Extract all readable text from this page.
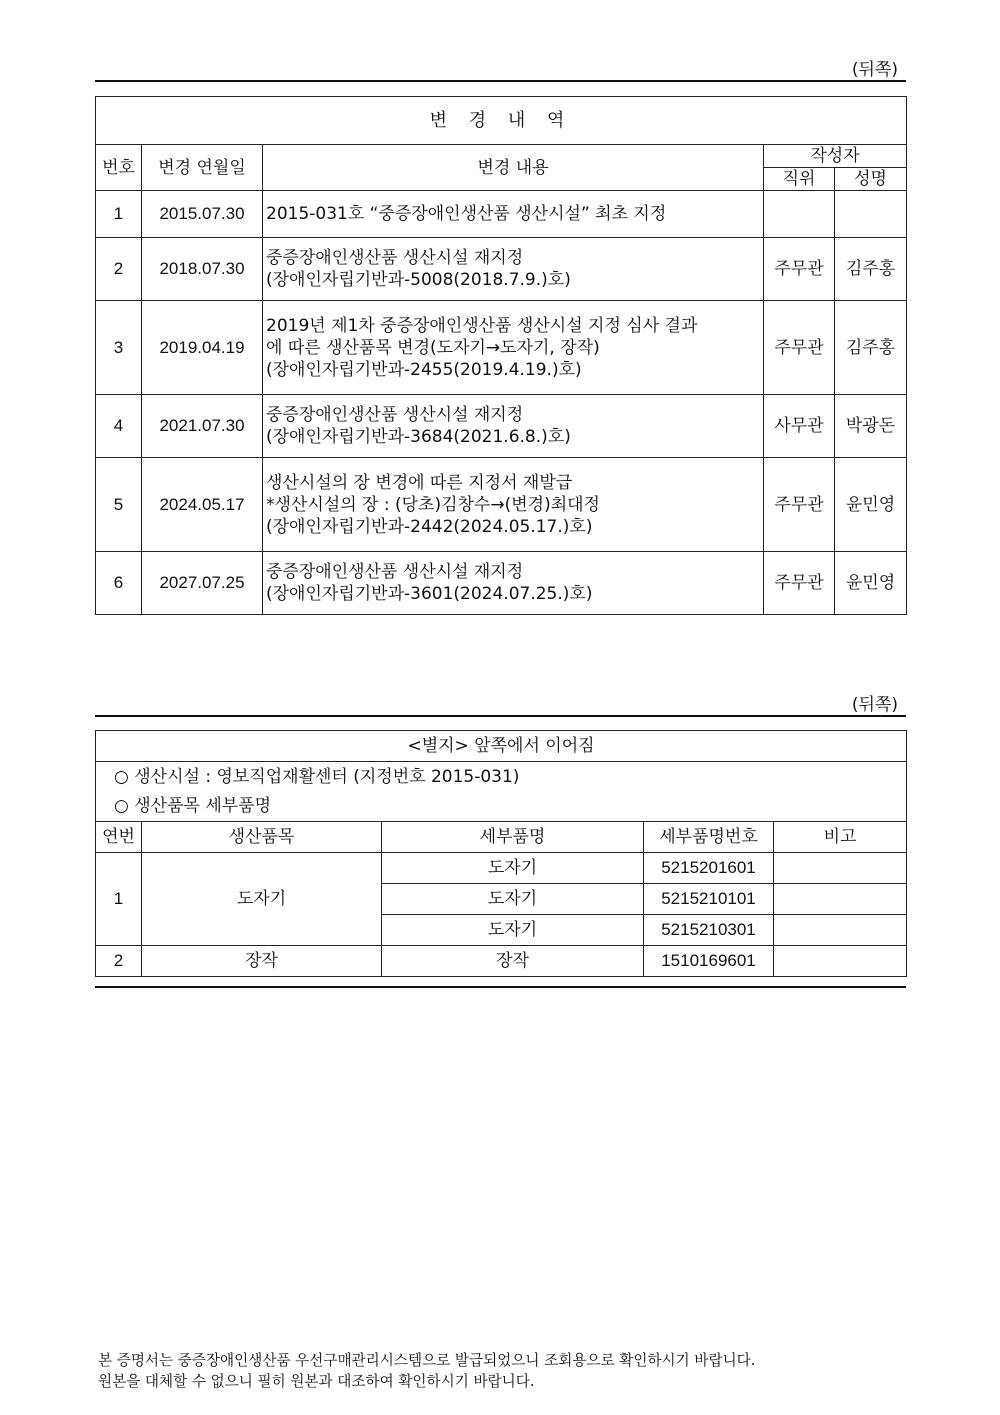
(뒤쪽)
변 경 내 역				
번호	변경 연월일	변경 내용	작성자	
			직위	성명
1	2015.07.30	2015-031호 “중증장애인생산품 생산시설” 최초 지정		

2	2018.07.30	중증장애인생산품 생산시설 재지정
(장애인자립기반과-5008(2018.7.9.)호)	주무관	김주홍
3	2019.04.19	2019년 제1차 중증장애인생산품 생산시설 지정 심사 결과
에 따른 생산품목 변경(도자기→도자기, 장작)
(장애인자립기반과-2455(2019.4.19.)호)	주무관	김주홍
4	2021.07.30	중증장애인생산품 생산시설 재지정
(장애인자립기반과-3684(2021.6.8.)호)	사무관	박광돈
5	2024.05.17	생산시설의 장 변경에 따른 지정서 재발급
*생산시설의 장 : (당초)김창수→(변경)최대정
(장애인자립기반과-2442(2024.05.17.)호)	주무관	윤민영
6	2027.07.25	중증장애인생산품 생산시설 재지정
(장애인자립기반과-3601(2024.07.25.)호)	주무관	윤민영
(뒤쪽)
<별지> 앞쪽에서 이어짐				

○ 생산시설 : 영보직업재활센터 (지정번호 2015-031)
○ 생산품목 세부품명				

연번	생산품목	세부품명	세부품명번호	비고
1	도자기	도자기	5215201601	
		도자기	5215210101	
		도자기	5215210301	
2	장작	장작	1510169601	
본 증명서는 중증장애인생산품 우선구매관리시스템으로 발급되었으니 조회용으로 확인하시기 바랍니다.
원본을 대체할 수 없으니 필히 원본과 대조하여 확인하시기 바랍니다.
